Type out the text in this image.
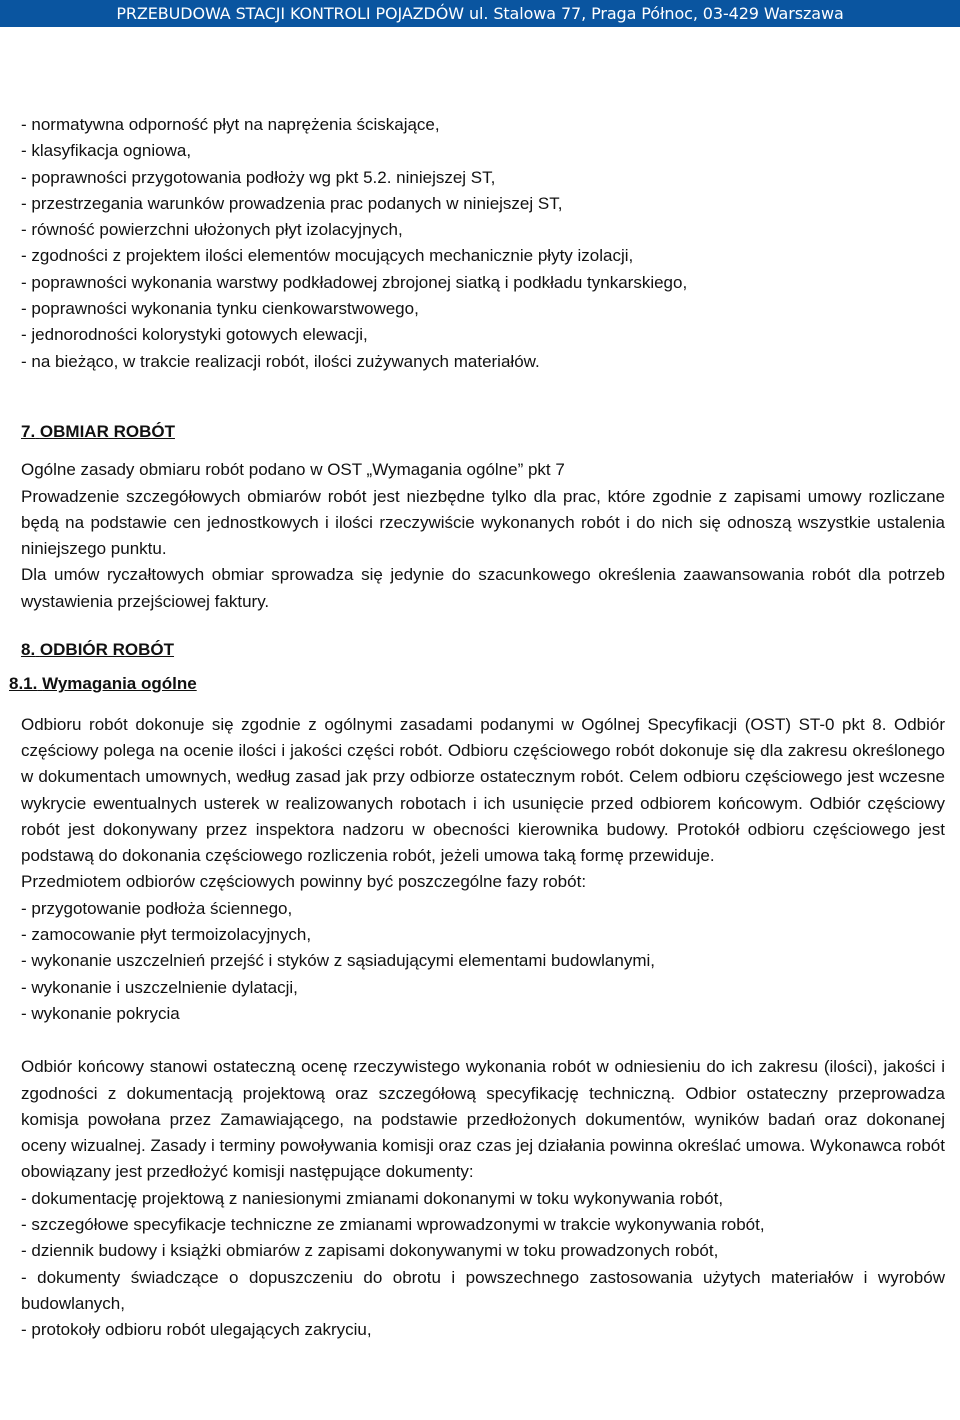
PRZEBUDOWA STACJI KONTROLI POJAZDÓW ul. Stalowa 77, Praga Północ, 03-429 Warszawa
- normatywna odporność płyt na naprężenia ściskające,
- klasyfikacja ogniowa,
- poprawności przygotowania podłoży wg pkt 5.2. niniejszej ST,
- przestrzegania warunków prowadzenia prac podanych w niniejszej ST,
- równość powierzchni ułożonych płyt izolacyjnych,
- zgodności z projektem ilości elementów mocujących mechanicznie płyty izolacji,
- poprawności wykonania warstwy podkładowej zbrojonej siatką i podkładu tynkarskiego,
- poprawności wykonania tynku cienkowarstwowego,
- jednorodności kolorystyki gotowych elewacji,
- na bieżąco, w trakcie realizacji robót, ilości zużywanych materiałów.
7. OBMIAR ROBÓT

Ogólne zasady obmiaru robót podano w OST „Wymagania ogólne” pkt 7

Prowadzenie szczegółowych obmiarów robót jest niezbędne tylko dla prac, które zgodnie z zapisami umowy rozliczane będą na podstawie cen jednostkowych i ilości rzeczywiście wykonanych robót i do nich się odnoszą wszystkie ustalenia niniejszego punktu.

Dla umów ryczałtowych obmiar sprowadza się jedynie do szacunkowego określenia zaawansowania robót dla potrzeb wystawienia przejściowej faktury.

8. ODBIÓR ROBÓT
8.1. Wymagania ogólne

Odbioru robót dokonuje się zgodnie z ogólnymi zasadami podanymi w Ogólnej Specyfikacji (OST) ST-0 pkt 8. Odbiór częściowy polega na ocenie ilości i jakości części robót. Odbioru częściowego robót dokonuje się dla zakresu określonego w dokumentach umownych, według zasad jak przy odbiorze ostatecznym robót. Celem odbioru częściowego jest wczesne wykrycie ewentualnych usterek w realizowanych robotach i ich usunięcie przed odbiorem końcowym. Odbiór częściowy robót jest dokonywany przez inspektora nadzoru w obecności kierownika budowy. Protokół odbioru częściowego jest podstawą do dokonania częściowego rozliczenia robót, jeżeli umowa taką formę przewiduje.

Przedmiotem odbiorów częściowych powinny być poszczególne fazy robót:

- przygotowanie podłoża ściennego,
- zamocowanie płyt termoizolacyjnych,
- wykonanie uszczelnień przejść i styków z sąsiadującymi elementami budowlanymi,
- wykonanie i uszczelnienie dylatacji,
- wykonanie pokrycia

Odbiór końcowy stanowi ostateczną ocenę rzeczywistego wykonania robót w odniesieniu do ich zakresu (ilości), jakości i zgodności z dokumentacją projektową oraz szczegółową specyfikację techniczną. Odbior ostateczny przeprowadza komisja powołana przez Zamawiającego, na podstawie przedłożonych dokumentów, wyników badań oraz dokonanej oceny wizualnej. Zasady i terminy powoływania komisji oraz czas jej działania powinna określać umowa. Wykonawca robót obowiązany jest przedłożyć komisji następujące dokumenty:

- dokumentację projektową z naniesionymi zmianami dokonanymi w toku wykonywania robót,
- szczegółowe specyfikacje techniczne ze zmianami wprowadzonymi w trakcie wykonywania robót,
- dziennik budowy i książki obmiarów z zapisami dokonywanymi w toku prowadzonych robót,
- dokumenty świadczące o dopuszczeniu do obrotu i powszechnego zastosowania użytych materiałów i wyrobów budowlanych,
- protokoły odbioru robót ulegających zakryciu,
